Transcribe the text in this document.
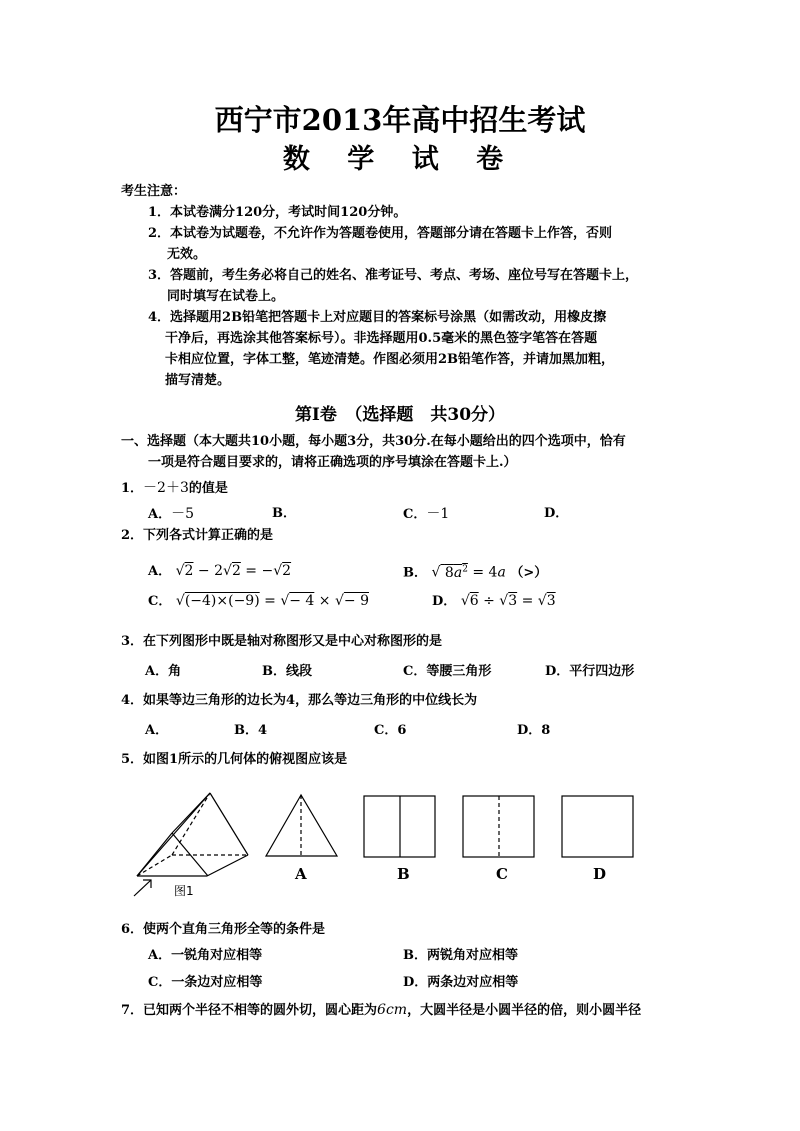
西宁市2013年高中招生考试
数 学 试 卷
考生注意：
1．本试卷满分120分，考试时间120分钟。
2．本试卷为试题卷，不允许作为答题卷使用，答题部分请在答题卡上作答，否则
无效。
3．答题前，考生务必将自己的姓名、准考证号、考点、考场、座位号写在答题卡上，
同时填写在试卷上。
4．选择题用2B铅笔把答题卡上对应题目的答案标号涂黑（如需改动，用橡皮擦
干净后，再选涂其他答案标号）。非选择题用0.5毫米的黑色签字笔答在答题
卡相应位置，字体工整，笔迹清楚。作图必须用2B铅笔作答，并请加黑加粗，
描写清楚。
第Ⅰ卷　（选择题　共30分）
一、选择题（本大题共10小题，每小题3分，共30分.在每小题给出的四个选项中，恰有
一项是符合题目要求的，请将正确选项的序号填涂在答题卡上.）
1．－2＋3的值是
A．－5	B．	C．－1	D．
2．下列各式计算正确的是
A． √2 − 2√2 = −√2	B． √ $8a^2 = 4a$ （>）
C． √(−4)×(−9) = √− 4 × √− 9	D． √6 ÷ √3 = √3
3．在下列图形中既是轴对称图形又是中心对称图形的是
A．角	B．线段	C．等腰三角形	D．平行四边形
4．如果等边三角形的边长为4，那么等边三角形的中位线长为
A．	B．4	C．6	D．8
5．如图1所示的几何体的俯视图应该是
图1
A	B	C	D
6．使两个直角三角形全等的条件是
A．一锐角对应相等	B．两锐角对应相等
C．一条边对应相等	D．两条边对应相等
7．已知两个半径不相等的圆外切，圆心距为6cm，大圆半径是小圆半径的倍，则小圆半径
